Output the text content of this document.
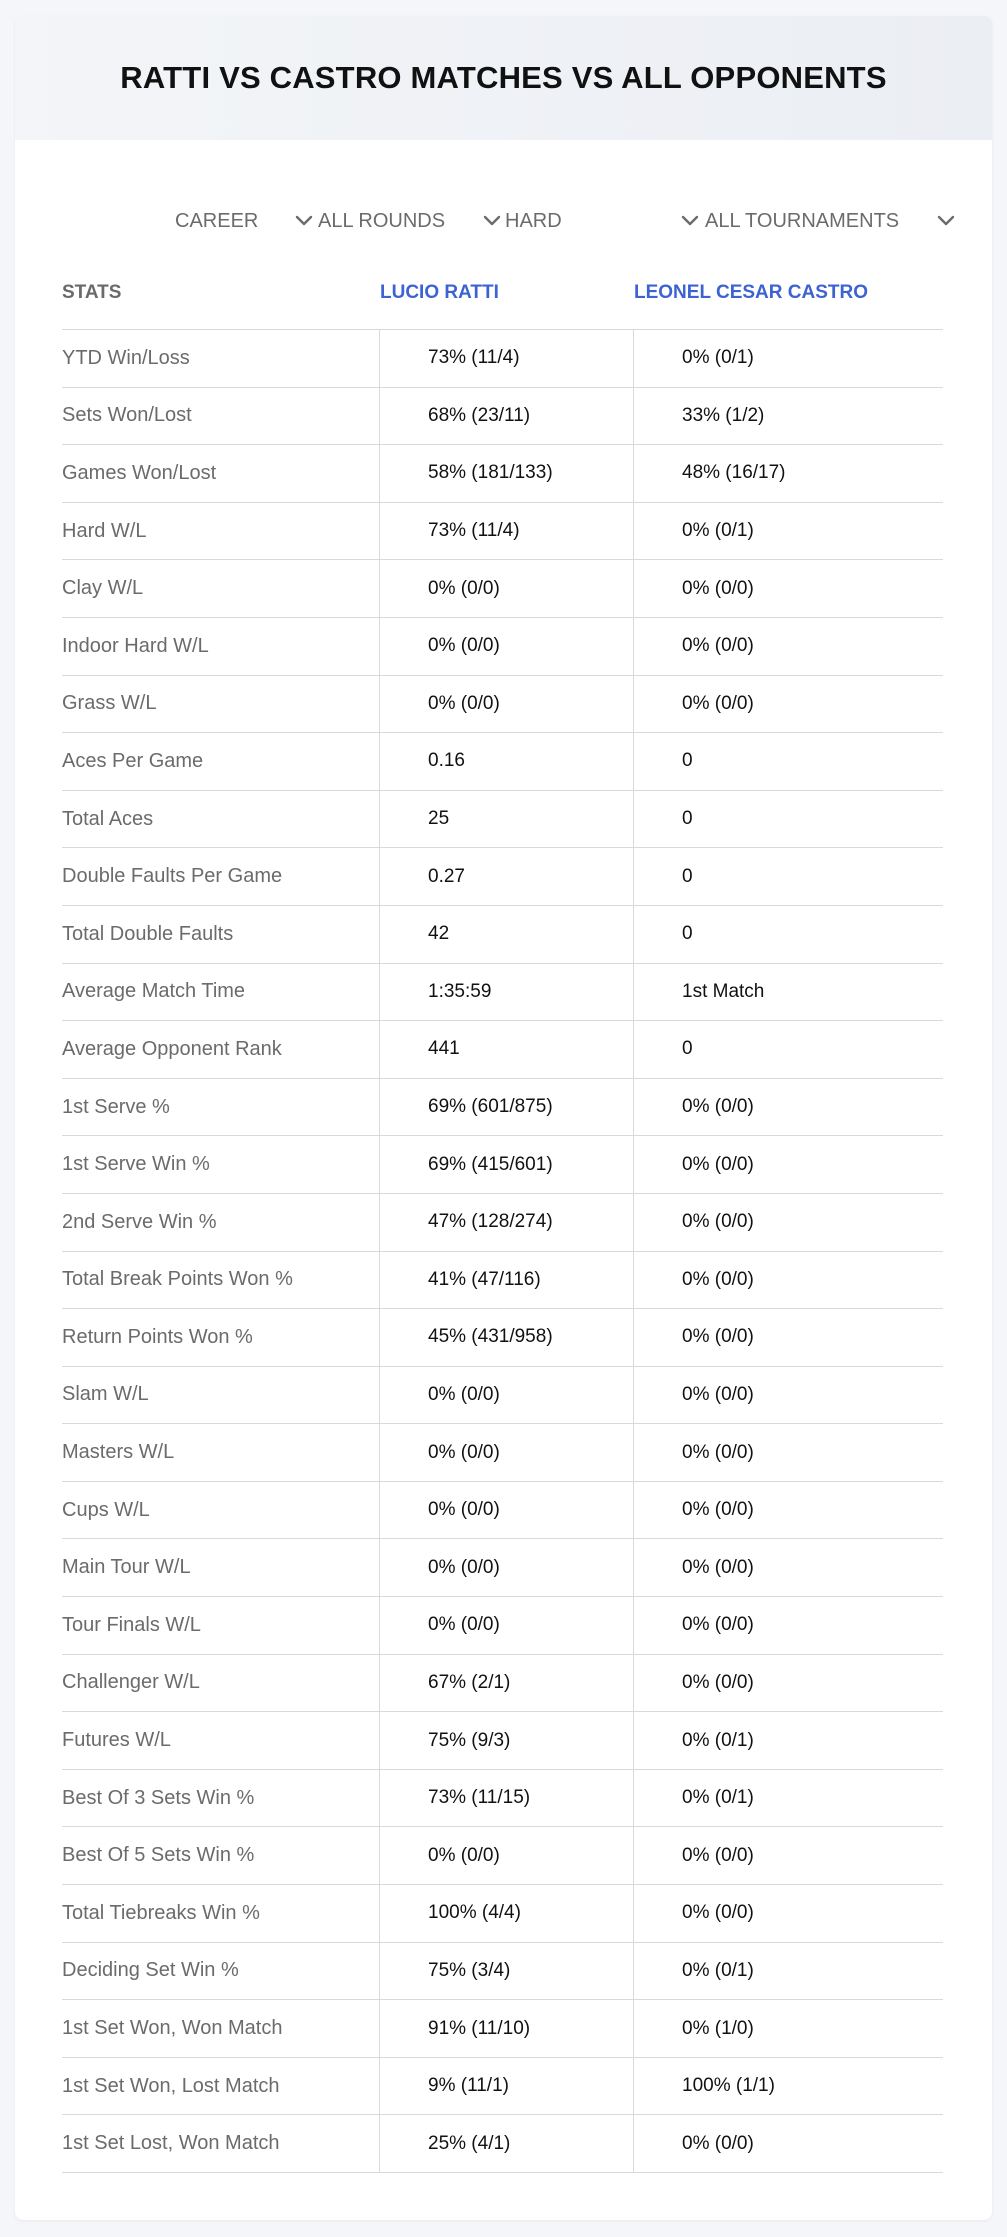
RATTI VS CASTRO MATCHES VS ALL OPPONENTS
CAREER	ALL ROUNDS	HARD	ALL TOURNAMENTS
STATS	LUCIO RATTI	LEONEL CESAR CASTRO
YTD Win/Loss	73% (11/4)	0% (0/1)
Sets Won/Lost	68% (23/11)	33% (1/2)
Games Won/Lost	58% (181/133)	48% (16/17)
Hard W/L	73% (11/4)	0% (0/1)
Clay W/L	0% (0/0)	0% (0/0)
Indoor Hard W/L	0% (0/0)	0% (0/0)
Grass W/L	0% (0/0)	0% (0/0)
Aces Per Game	0.16	0
Total Aces	25	0
Double Faults Per Game	0.27	0
Total Double Faults	42	0
Average Match Time	1:35:59	1st Match
Average Opponent Rank	441	0
1st Serve %	69% (601/875)	0% (0/0)
1st Serve Win %	69% (415/601)	0% (0/0)
2nd Serve Win %	47% (128/274)	0% (0/0)
Total Break Points Won %	41% (47/116)	0% (0/0)
Return Points Won %	45% (431/958)	0% (0/0)
Slam W/L	0% (0/0)	0% (0/0)
Masters W/L	0% (0/0)	0% (0/0)
Cups W/L	0% (0/0)	0% (0/0)
Main Tour W/L	0% (0/0)	0% (0/0)
Tour Finals W/L	0% (0/0)	0% (0/0)
Challenger W/L	67% (2/1)	0% (0/0)
Futures W/L	75% (9/3)	0% (0/1)
Best Of 3 Sets Win %	73% (11/15)	0% (0/1)
Best Of 5 Sets Win %	0% (0/0)	0% (0/0)
Total Tiebreaks Win %	100% (4/4)	0% (0/0)
Deciding Set Win %	75% (3/4)	0% (0/1)
1st Set Won, Won Match	91% (11/10)	0% (1/0)
1st Set Won, Lost Match	9% (11/1)	100% (1/1)
1st Set Lost, Won Match	25% (4/1)	0% (0/0)
